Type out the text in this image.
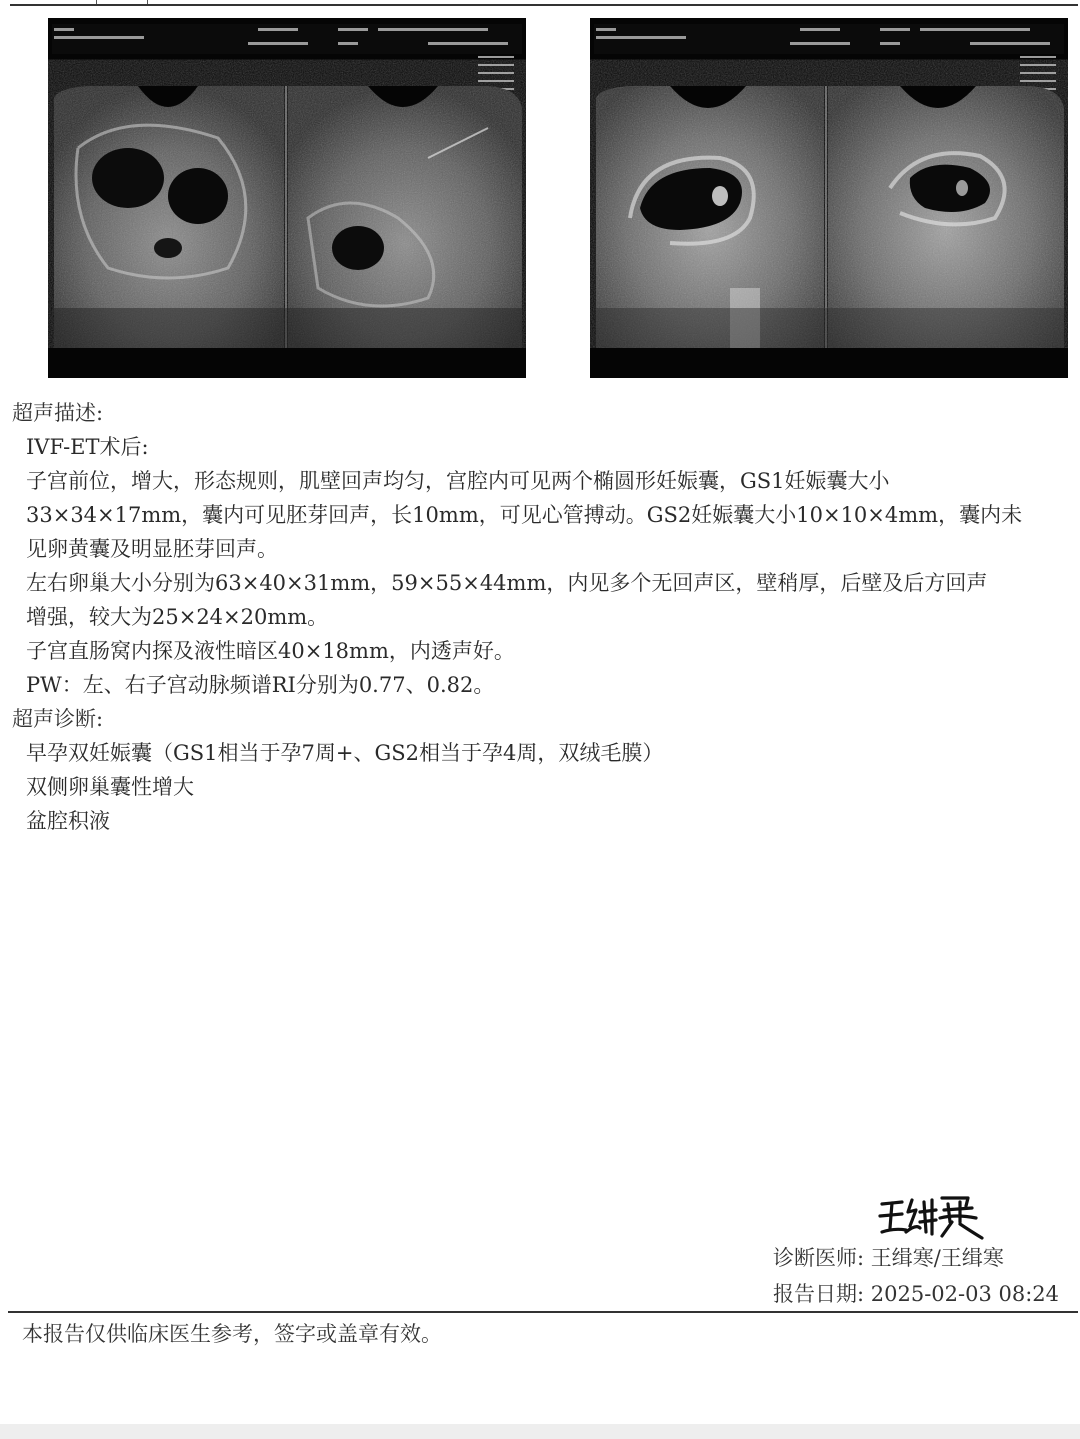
超声描述:
IVF-ET术后:
子宫前位，增大，形态规则，肌壁回声均匀，宫腔内可见两个椭圆形妊娠囊，GS1妊娠囊大小
33×34×17mm，囊内可见胚芽回声，长10mm，可见心管搏动。GS2妊娠囊大小10×10×4mm，囊内未
见卵黄囊及明显胚芽回声。
左右卵巢大小分别为63×40×31mm，59×55×44mm，内见多个无回声区，壁稍厚，后壁及后方回声
增强，较大为25×24×20mm。
子宫直肠窝内探及液性暗区40×18mm，内透声好。
PW：左、右子宫动脉频谱RI分别为0.77、0.82。
超声诊断:
早孕双妊娠囊（GS1相当于孕7周+、GS2相当于孕4周，双绒毛膜）
双侧卵巢囊性增大
盆腔积液
诊断医师: 王缉寒/王缉寒
报告日期: 2025-02-03 08:24
本报告仅供临床医生参考，签字或盖章有效。
